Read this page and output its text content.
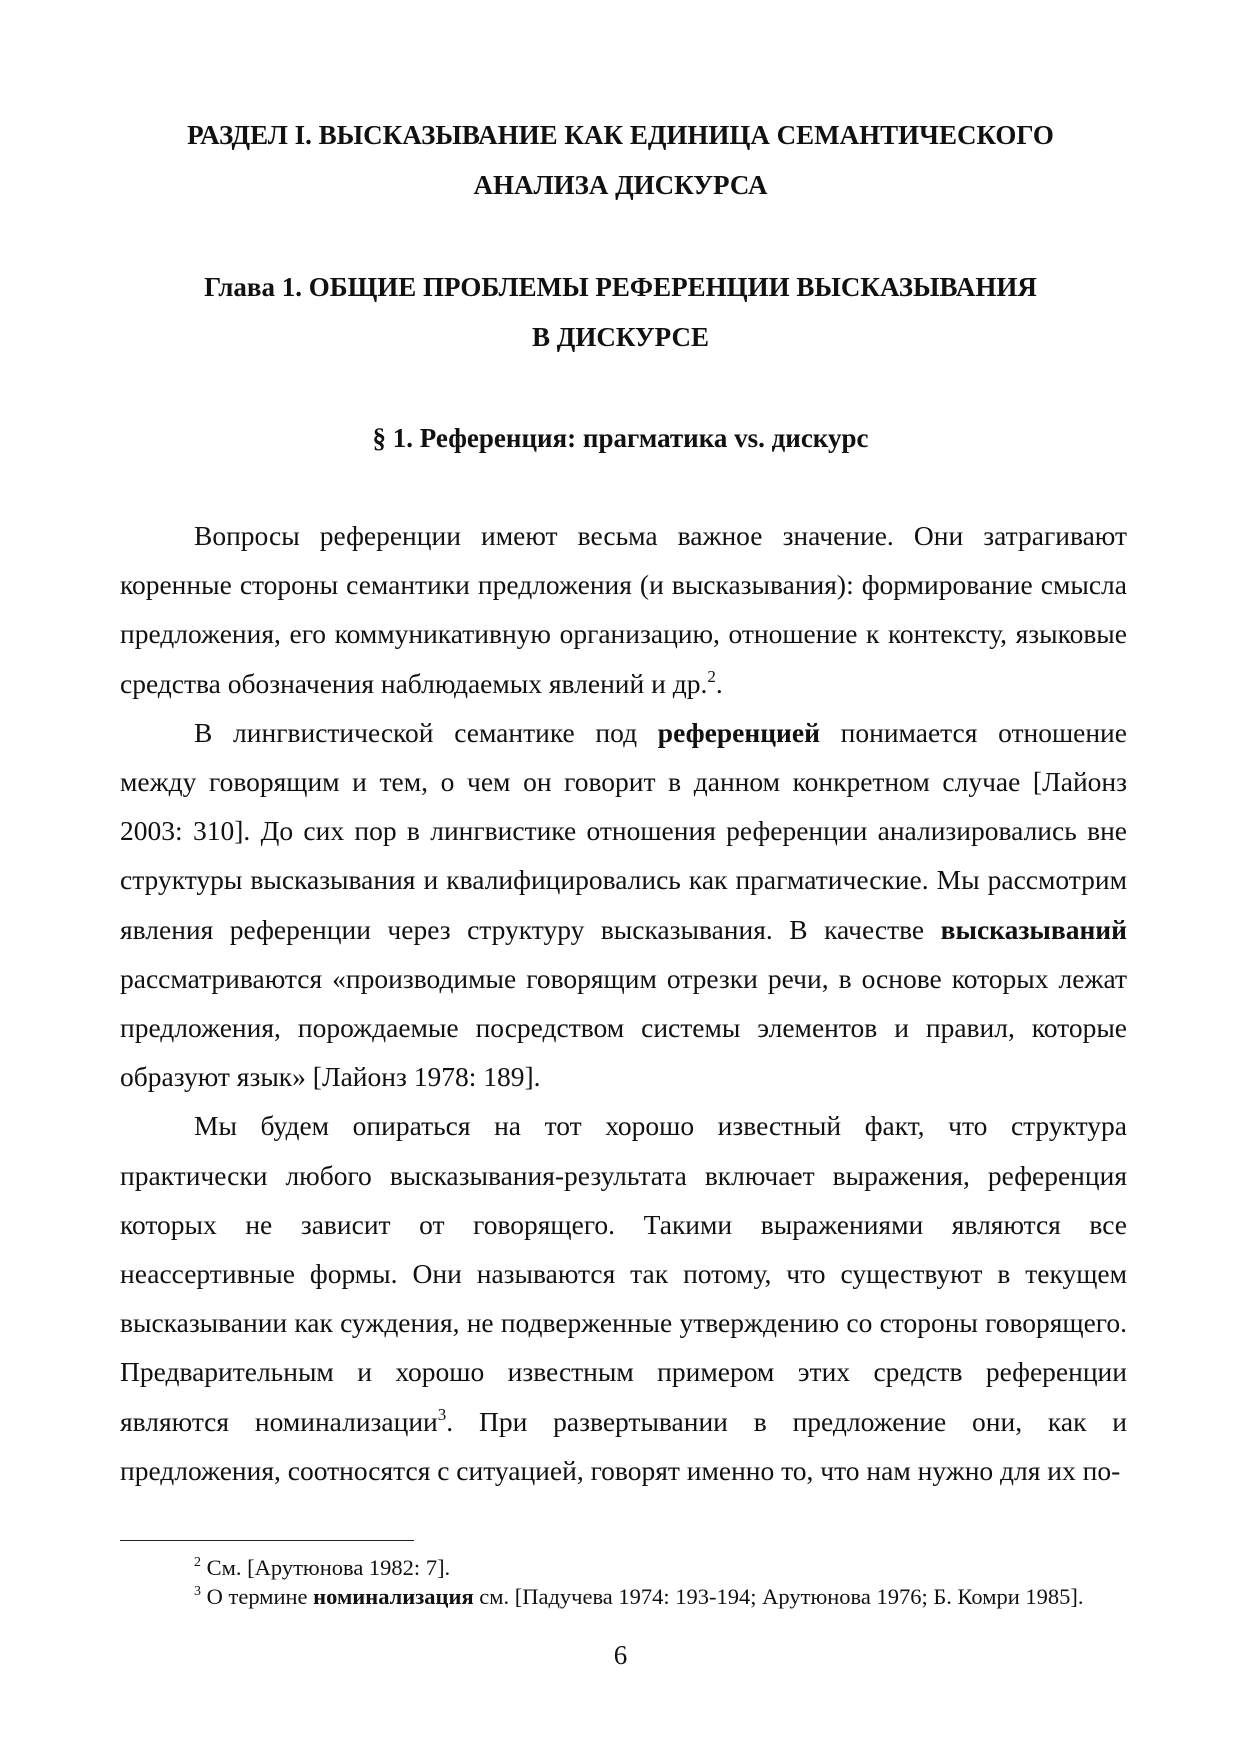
РАЗДЕЛ I. ВЫСКАЗЫВАНИЕ КАК ЕДИНИЦА СЕМАНТИЧЕСКОГО
АНАЛИЗА ДИСКУРСА
Глава 1. ОБЩИЕ ПРОБЛЕМЫ РЕФЕРЕНЦИИ ВЫСКАЗЫВАНИЯ
В ДИСКУРСЕ
§ 1. Референция: прагматика vs. дискурс

Вопросы референции имеют весьма важное значение. Они затрагивают коренные стороны семантики предложения (и высказывания): формирование смысла предложения, его коммуникативную организацию, отношение к контексту, языковые средства обозначения наблюдаемых явлений и др.$^2$.

В лингвистической семантике под референцией понимается отношение между говорящим и тем, о чем он говорит в данном конкретном случае [Лайонз 2003: 310]. До сих пор в лингвистике отношения референции анализировались вне структуры высказывания и квалифицировались как прагматические. Мы рассмотрим явления референции через структуру высказывания. В качестве высказываний рассматриваются «производимые говорящим отрезки речи, в основе которых лежат предложения, порождаемые посредством системы элементов и правил, которые образуют язык» [Лайонз 1978: 189].

Мы будем опираться на тот хорошо известный факт, что структура практически любого высказывания-результата включает выражения, референция которых не зависит от говорящего. Такими выражениями являются все неассертивные формы. Они называются так потому, что существуют в текущем высказывании как суждения, не подверженные утверждению со стороны говорящего. Предварительным и хорошо известным примером этих средств референции являются номинализации$^3$. При развертывании в предложение они, как и предложения, соотносятся с ситуацией, говорят именно то, что нам нужно для их по-

$^2$ См. [Арутюнова 1982: 7].

$^3$ О термине номинализация см. [Падучева 1974: 193-194; Арутюнова 1976; Б. Комри 1985].

6
